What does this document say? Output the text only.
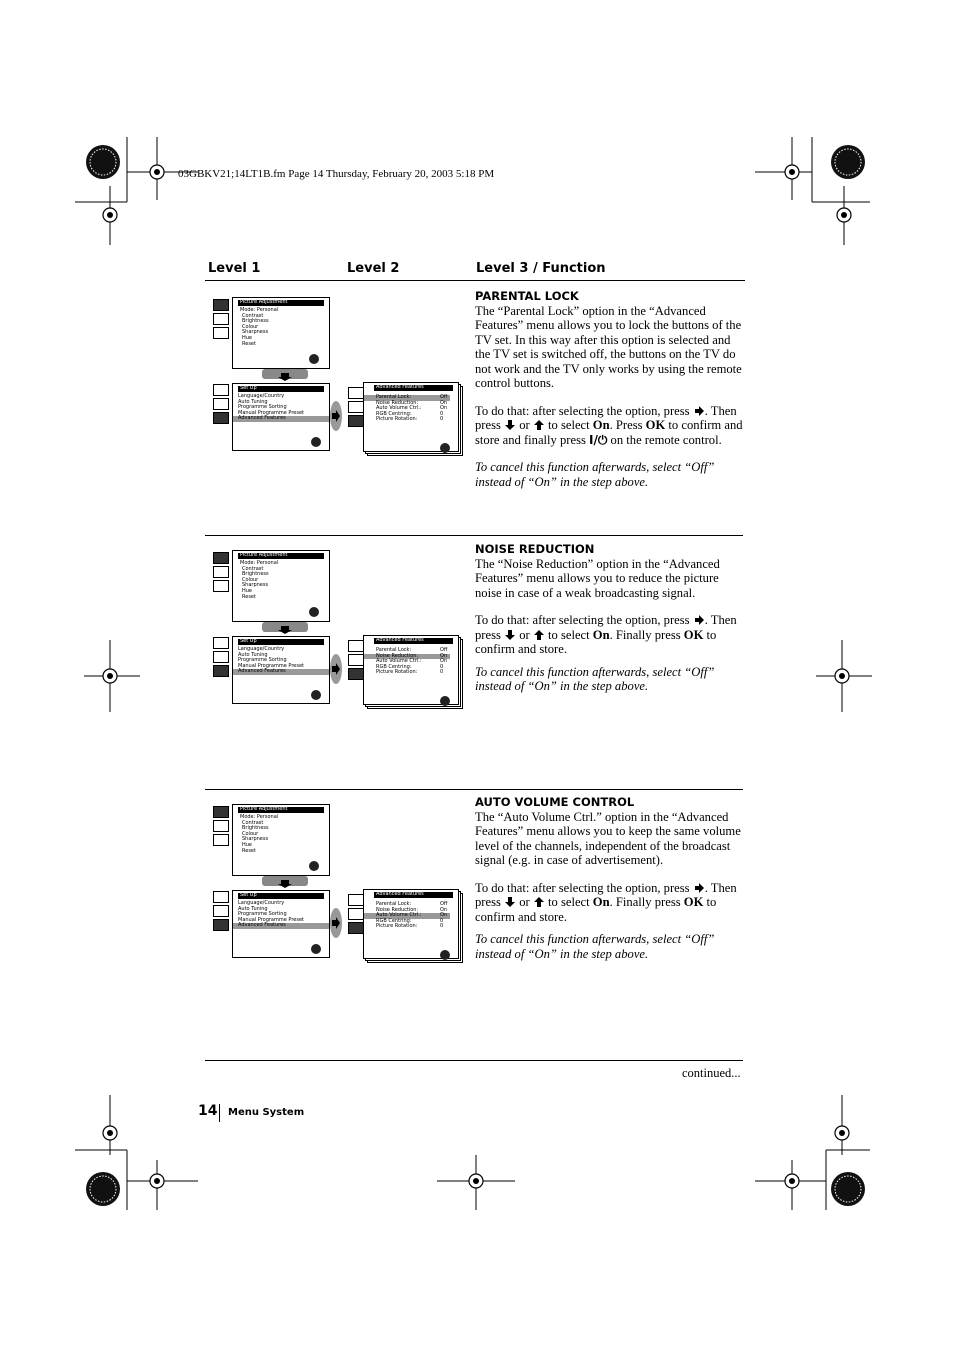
03GBKV21;14LT1B.fm Page 14 Thursday, February 20, 2003 5:18 PM
Level 1	Level 2	Level 3 / Function
Picture Adjustment
Mode: Personal
Contrast
Brightness
Colour
Sharpness
Hue
Reset
Set Up
Language/Country
Auto Tuning
Programme Sorting
Manual Programme Preset
Advanced Features
Advanced Features
Parental Lock:	Off
Noise Reduction:	On
Auto Volume Ctrl.:	On
RGB Centring:	0
Picture Rotation:	0
Picture Adjustment
Mode: Personal
Contrast
Brightness
Colour
Sharpness
Hue
Reset
Set Up
Language/Country
Auto Tuning
Programme Sorting
Manual Programme Preset
Advanced Features
Advanced Features
Parental Lock:	Off
Noise Reduction:	On
Auto Volume Ctrl.:	On
RGB Centring:	0
Picture Rotation:	0
Picture Adjustment
Mode: Personal
Contrast
Brightness
Colour
Sharpness
Hue
Reset
Set Up
Language/Country
Auto Tuning
Programme Sorting
Manual Programme Preset
Advanced Features
Advanced Features
Parental Lock:	Off
Noise Reduction:	On
Auto Volume Ctrl.:	On
RGB Centring:	0
Picture Rotation:	0
PARENTAL LOCK

The “Parental Lock” option in the “Advanced Features” menu allows you to lock the buttons of the TV set. In this way after this option is selected and the TV set is switched off, the buttons on the TV do not work and the TV only works by using the remote control buttons.

To do that: after selecting the option, press . Then press or to select On. Press OK to confirm and store and finally press I/⏻ on the remote control.

To cancel this function afterwards, select “Off” instead of “On” in the step above.

NOISE REDUCTION

The “Noise Reduction” option in the “Advanced Features” menu allows you to reduce the picture noise in case of a weak broadcasting signal.

To do that: after selecting the option, press . Then press or to select On. Finally press OK to confirm and store.

To cancel this function afterwards, select “Off” instead of “On” in the step above.

AUTO VOLUME CONTROL

The “Auto Volume Ctrl.” option in the “Advanced Features” menu allows you to keep the same volume level of the channels, independent of the broadcast signal (e.g. in case of advertisement).

To do that: after selecting the option, press . Then press or to select On. Finally press OK to confirm and store.

To cancel this function afterwards, select “Off” instead of “On” in the step above.

continued...
14 Menu System
